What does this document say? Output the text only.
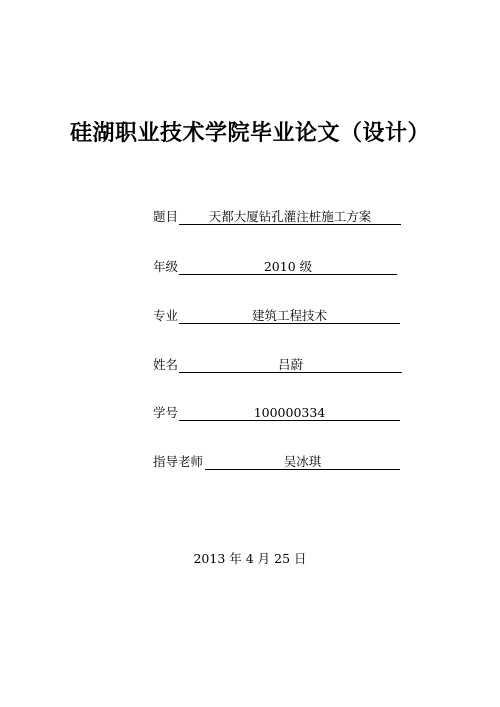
硅湖职业技术学院毕业论文（设计）
题目	天都大厦钻孔灌注桩施工方案
年级	2010 级
专业	建筑工程技术
姓名	吕蔚
学号	100000334
指导老师	吴冰琪
2013 年 4 月 25 日
